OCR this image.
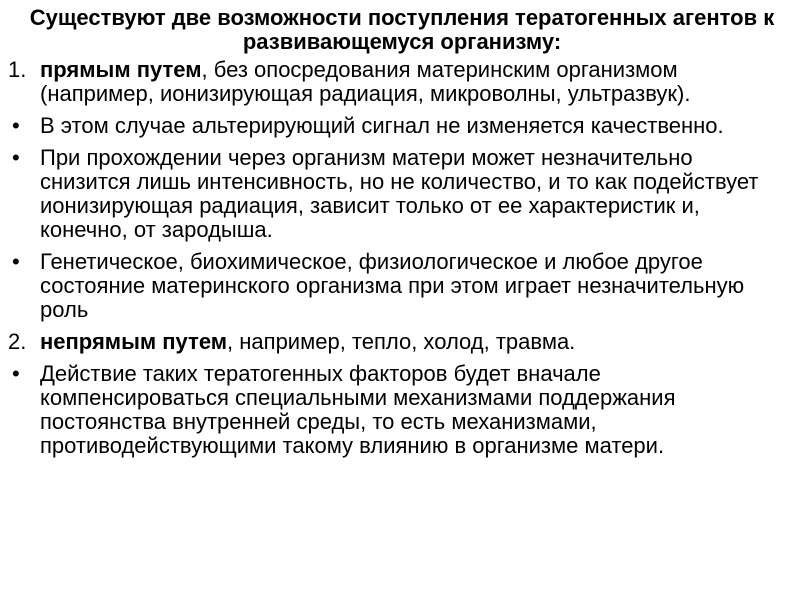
Существуют две возможности поступления тератогенных агентов к развивающемуся организму:
1. прямым путем, без опосредования материнским организмом (например, ионизирующая радиация, микроволны, ультразвук).
• В этом случае альтерирующий сигнал не изменяется качественно.
• При прохождении через организм матери может незначительно снизится лишь интенсивность, но не количество, и то как подействует ионизирующая радиация, зависит только от ее характеристик и, конечно, от зародыша.
• Генетическое, биохимическое, физиологическое и любое другое состояние материнского организма при этом играет незначительную роль
2. непрямым путем, например, тепло, холод, травма.
• Действие таких тератогенных факторов будет вначале компенсироваться специальными механизмами поддержания постоянства внутренней среды, то есть механизмами, противодействующими такому влиянию в организме матери.
